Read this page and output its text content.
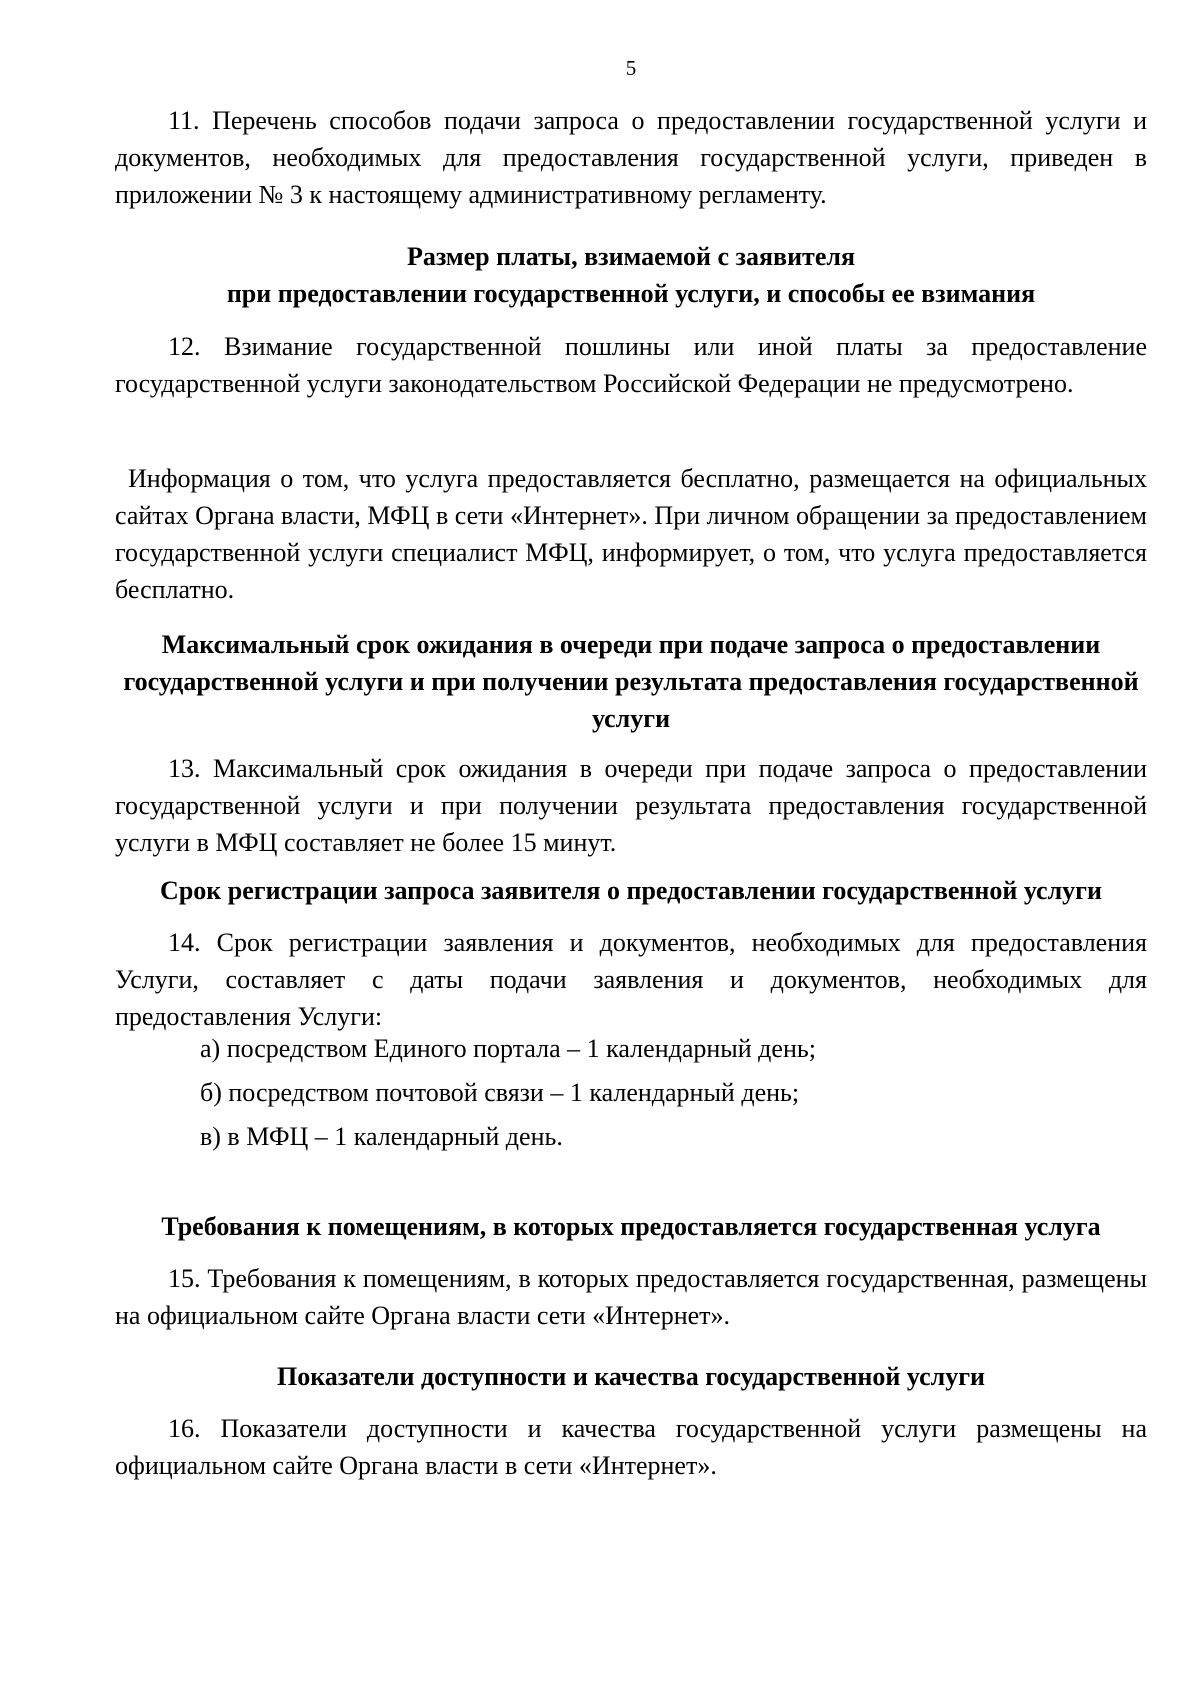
5

11. Перечень способов подачи запроса о предоставлении государственной услуги и документов, необходимых для предоставления государственной услуги, приведен в приложении № 3 к настоящему административному регламенту.

Размер платы, взимаемой с заявителя
при предоставлении государственной услуги, и способы ее взимания

12. Взимание государственной пошлины или иной платы за предоставление государственной услуги законодательством Российской Федерации не предусмотрено.

Информация о том, что услуга предоставляется бесплатно, размещается на официальных сайтах Органа власти, МФЦ в сети «Интернет». При личном обращении за предоставлением государственной услуги специалист МФЦ, информирует, о том, что услуга предоставляется бесплатно.

Максимальный срок ожидания в очереди при подаче запроса о предоставлении государственной услуги и при получении результата предоставления государственной услуги

13. Максимальный срок ожидания в очереди при подаче запроса о предоставлении государственной услуги и при получении результата предоставления государственной услуги в МФЦ составляет не более 15 минут.

Срок регистрации запроса заявителя о предоставлении государственной услуги

14. Срок регистрации заявления и документов, необходимых для предоставления Услуги, составляет с даты подачи заявления и документов, необходимых для предоставления Услуги:

а) посредством Единого портала – 1 календарный день;

б) посредством почтовой связи – 1 календарный день;

в) в МФЦ – 1 календарный день.

Требования к помещениям, в которых предоставляется государственная услуга

15. Требования к помещениям, в которых предоставляется государственная, размещены на официальном сайте Органа власти сети «Интернет».

Показатели доступности и качества государственной услуги

16. Показатели доступности и качества государственной услуги размещены на официальном сайте Органа власти в сети «Интернет».
